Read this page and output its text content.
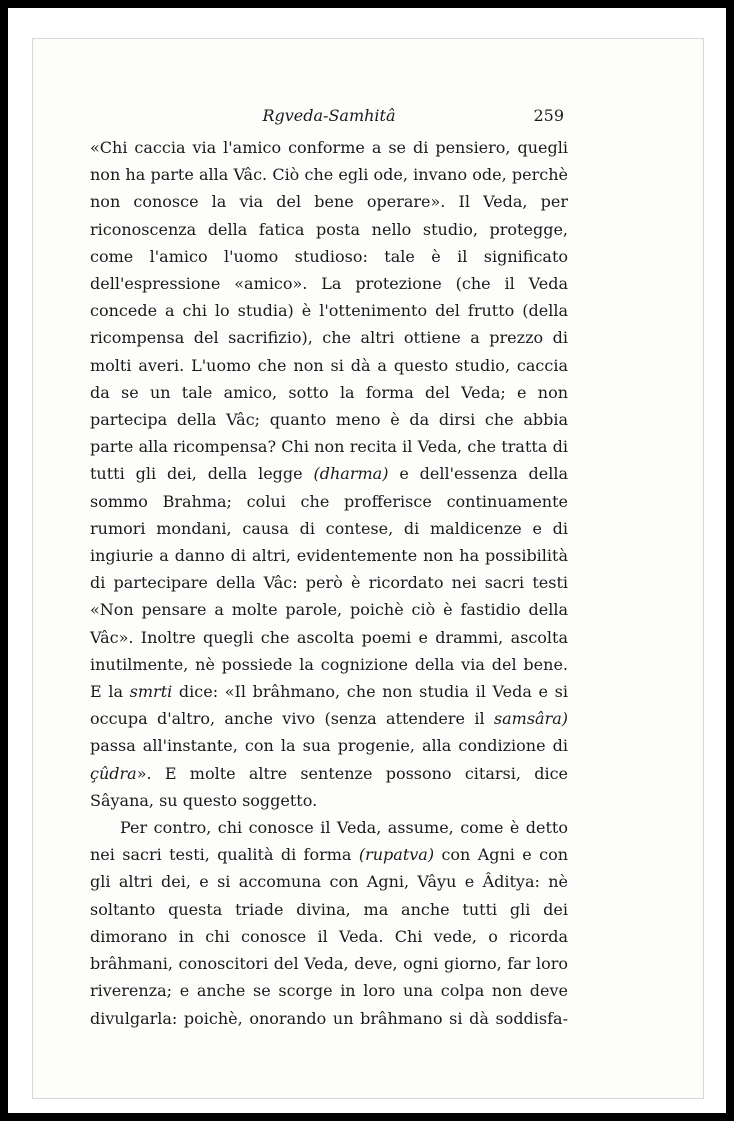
Rgveda-Samhitâ	259

«Chi caccia via l'amico conforme a se di pensiero, quegli non ha parte alla Vâc. Ciò che egli ode, invano ode, perchè non conosce la via del bene operare». Il Veda, per riconoscenza della fatica posta nello studio, protegge, come l'amico l'uomo studioso: tale è il significato dell'espressione «amico». La protezione (che il Veda concede a chi lo studia) è l'ottenimento del frutto (della ricompensa del sacrifizio), che altri ottiene a prezzo di molti averi. L'uomo che non si dà a questo studio, caccia da se un tale amico, sotto la forma del Veda; e non partecipa della Vâc; quanto meno è da dirsi che abbia parte alla ricompensa? Chi non recita il Veda, che tratta di tutti gli dei, della legge (dharma) e dell'essenza della sommo Brahma; colui che profferisce continuamente rumori mondani, causa di contese, di maldicenze e di ingiurie a danno di altri, evidentemente non ha possibilità di partecipare della Vâc: però è ricordato nei sacri testi «Non pensare a molte parole, poichè ciò è fastidio della Vâc». Inoltre quegli che ascolta poemi e drammi, ascolta inutilmente, nè possiede la cognizione della via del bene. E la smrti dice: «Il brâhmano, che non studia il Veda e si occupa d'altro, anche vivo (senza attendere il samsâra) passa all'instante, con la sua progenie, alla condizione di çûdra». E molte altre sentenze possono citarsi, dice Sâyana, su questo soggetto.

Per contro, chi conosce il Veda, assume, come è detto nei sacri testi, qualità di forma (rupatva) con Agni e con gli altri dei, e si accomuna con Agni, Vâyu e Âditya: nè soltanto questa triade divina, ma anche tutti gli dei dimorano in chi conosce il Veda. Chi vede, o ricorda brâhmani, conoscitori del Veda, deve, ogni giorno, far loro riverenza; e anche se scorge in loro una colpa non deve divulgarla: poichè, onorando un brâhmano si dà soddisfa-
